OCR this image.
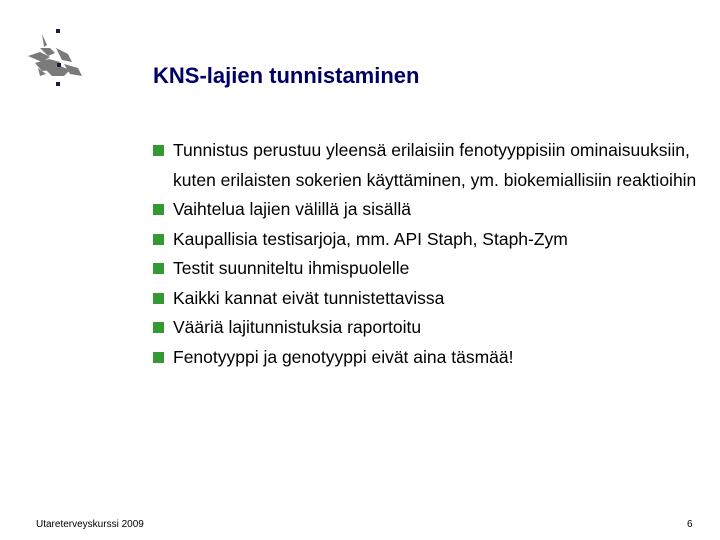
KNS-lajien tunnistaminen
Tunnistus perustuu yleensä erilaisiin fenotyyppisiin ominaisuuksiin, kuten erilaisten sokerien käyttäminen, ym. biokemiallisiin reaktioihin
Vaihtelua lajien välillä ja sisällä
Kaupallisia testisarjoja, mm. API Staph, Staph-Zym
Testit suunniteltu ihmispuolelle
Kaikki kannat eivät tunnistettavissa
Vääriä lajitunnistuksia raportoitu
Fenotyyppi ja genotyyppi eivät aina täsmää!
Utareterveyskurssi 2009	6
